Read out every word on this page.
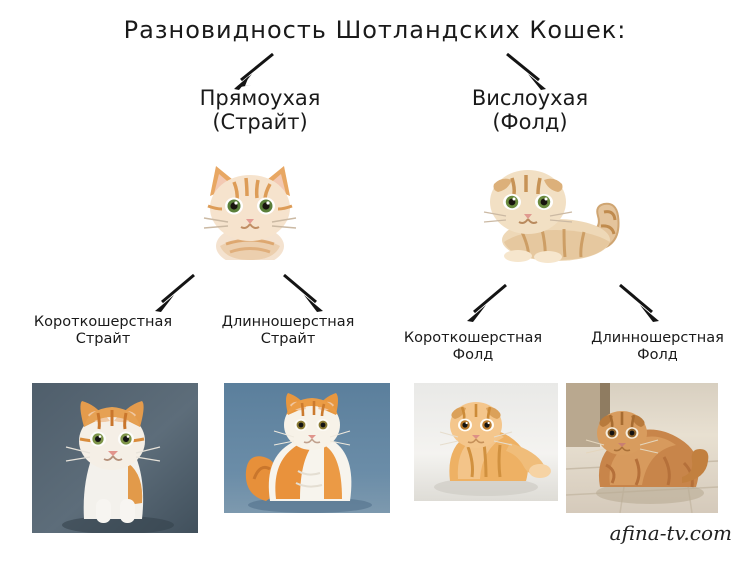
Разновидность Шотландских Кошек:
Прямоухая
(Страйт)
Вислоухая
(Фолд)
Короткошерстная
Страйт
Длинношерстная
Страйт	Короткошерстная
Фолд
Длинношерстная
Фолд
afina-tv.com
